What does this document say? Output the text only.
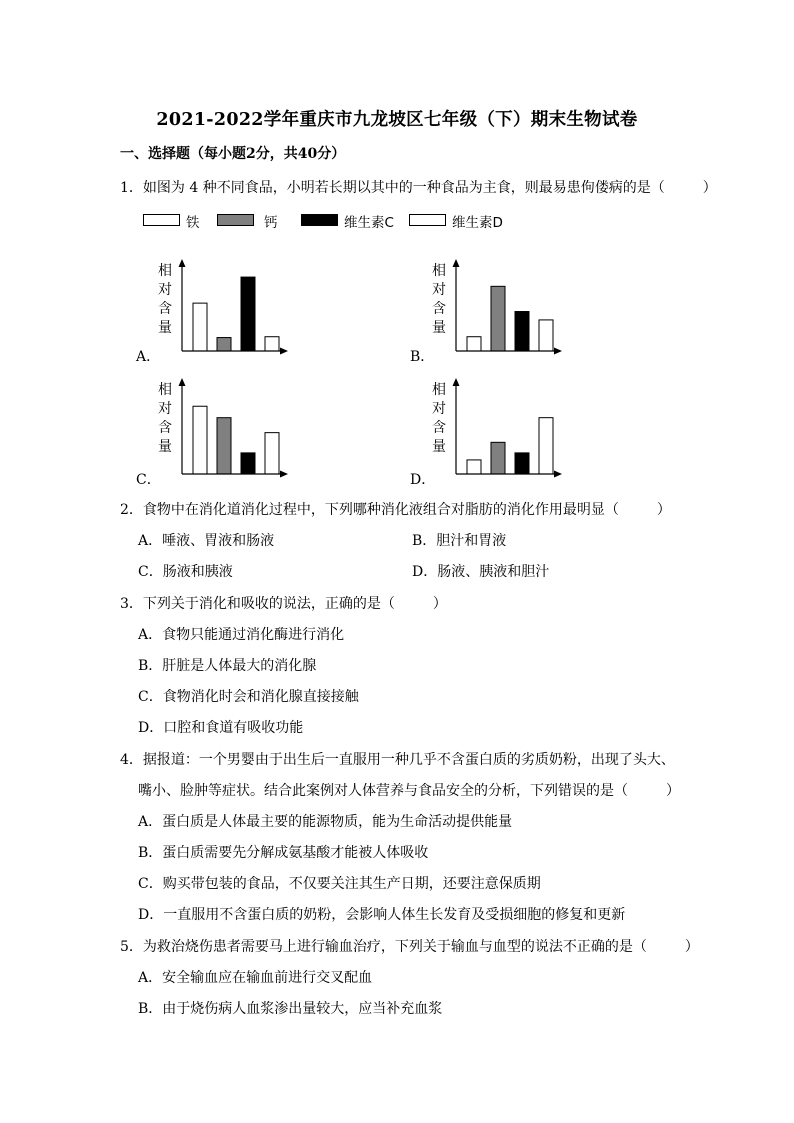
2021-2022学年重庆市九龙坡区七年级（下）期末生物试卷
一、选择题（每小题2分，共40分）
1．如图为 4 种不同食品，小明若长期以其中的一种食品为主食，则最易患佝偻病的是（	）
铁	钙	维生素C	维生素D
相
对
含
量
A．
相
对
含
量
B．
相
对
含
量
C．
相
对
含
量
D．
2．食物中在消化道消化过程中，下列哪种消化液组合对脂肪的消化作用最明显（	）
A．唾液、胃液和肠液	B．胆汁和胃液
C．肠液和胰液	D．肠液、胰液和胆汁
3．下列关于消化和吸收的说法，正确的是（	）
A．食物只能通过消化酶进行消化
B．肝脏是人体最大的消化腺
C．食物消化时会和消化腺直接接触
D．口腔和食道有吸收功能
4．据报道：一个男婴由于出生后一直服用一种几乎不含蛋白质的劣质奶粉，出现了头大、
嘴小、脸肿等症状。结合此案例对人体营养与食品安全的分析，下列错误的是（	）
A．蛋白质是人体最主要的能源物质，能为生命活动提供能量
B．蛋白质需要先分解成氨基酸才能被人体吸收
C．购买带包装的食品，不仅要关注其生产日期，还要注意保质期
D．一直服用不含蛋白质的奶粉，会影响人体生长发育及受损细胞的修复和更新
5．为救治烧伤患者需要马上进行输血治疗，下列关于输血与血型的说法不正确的是（	）
A．安全输血应在输血前进行交叉配血
B．由于烧伤病人血浆渗出量较大，应当补充血浆
